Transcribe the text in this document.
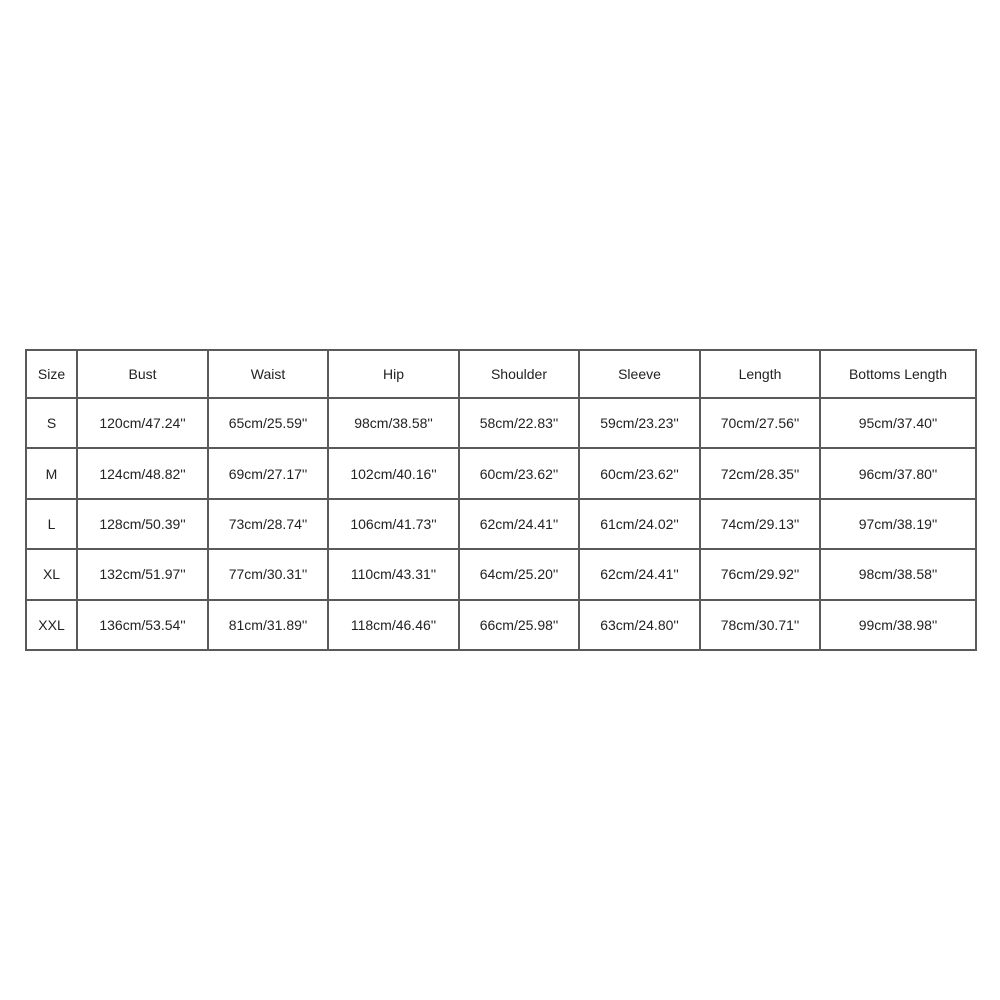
Size	Bust	Waist	Hip	Shoulder	Sleeve	Length	Bottoms Length
S	120cm/47.24''	65cm/25.59''	98cm/38.58''	58cm/22.83''	59cm/23.23''	70cm/27.56''	95cm/37.40''
M	124cm/48.82''	69cm/27.17''	102cm/40.16''	60cm/23.62''	60cm/23.62''	72cm/28.35''	96cm/37.80''
L	128cm/50.39''	73cm/28.74''	106cm/41.73''	62cm/24.41''	61cm/24.02''	74cm/29.13''	97cm/38.19''
XL	132cm/51.97''	77cm/30.31''	110cm/43.31''	64cm/25.20''	62cm/24.41''	76cm/29.92''	98cm/38.58''
XXL	136cm/53.54''	81cm/31.89''	118cm/46.46''	66cm/25.98''	63cm/24.80''	78cm/30.71''	99cm/38.98''
